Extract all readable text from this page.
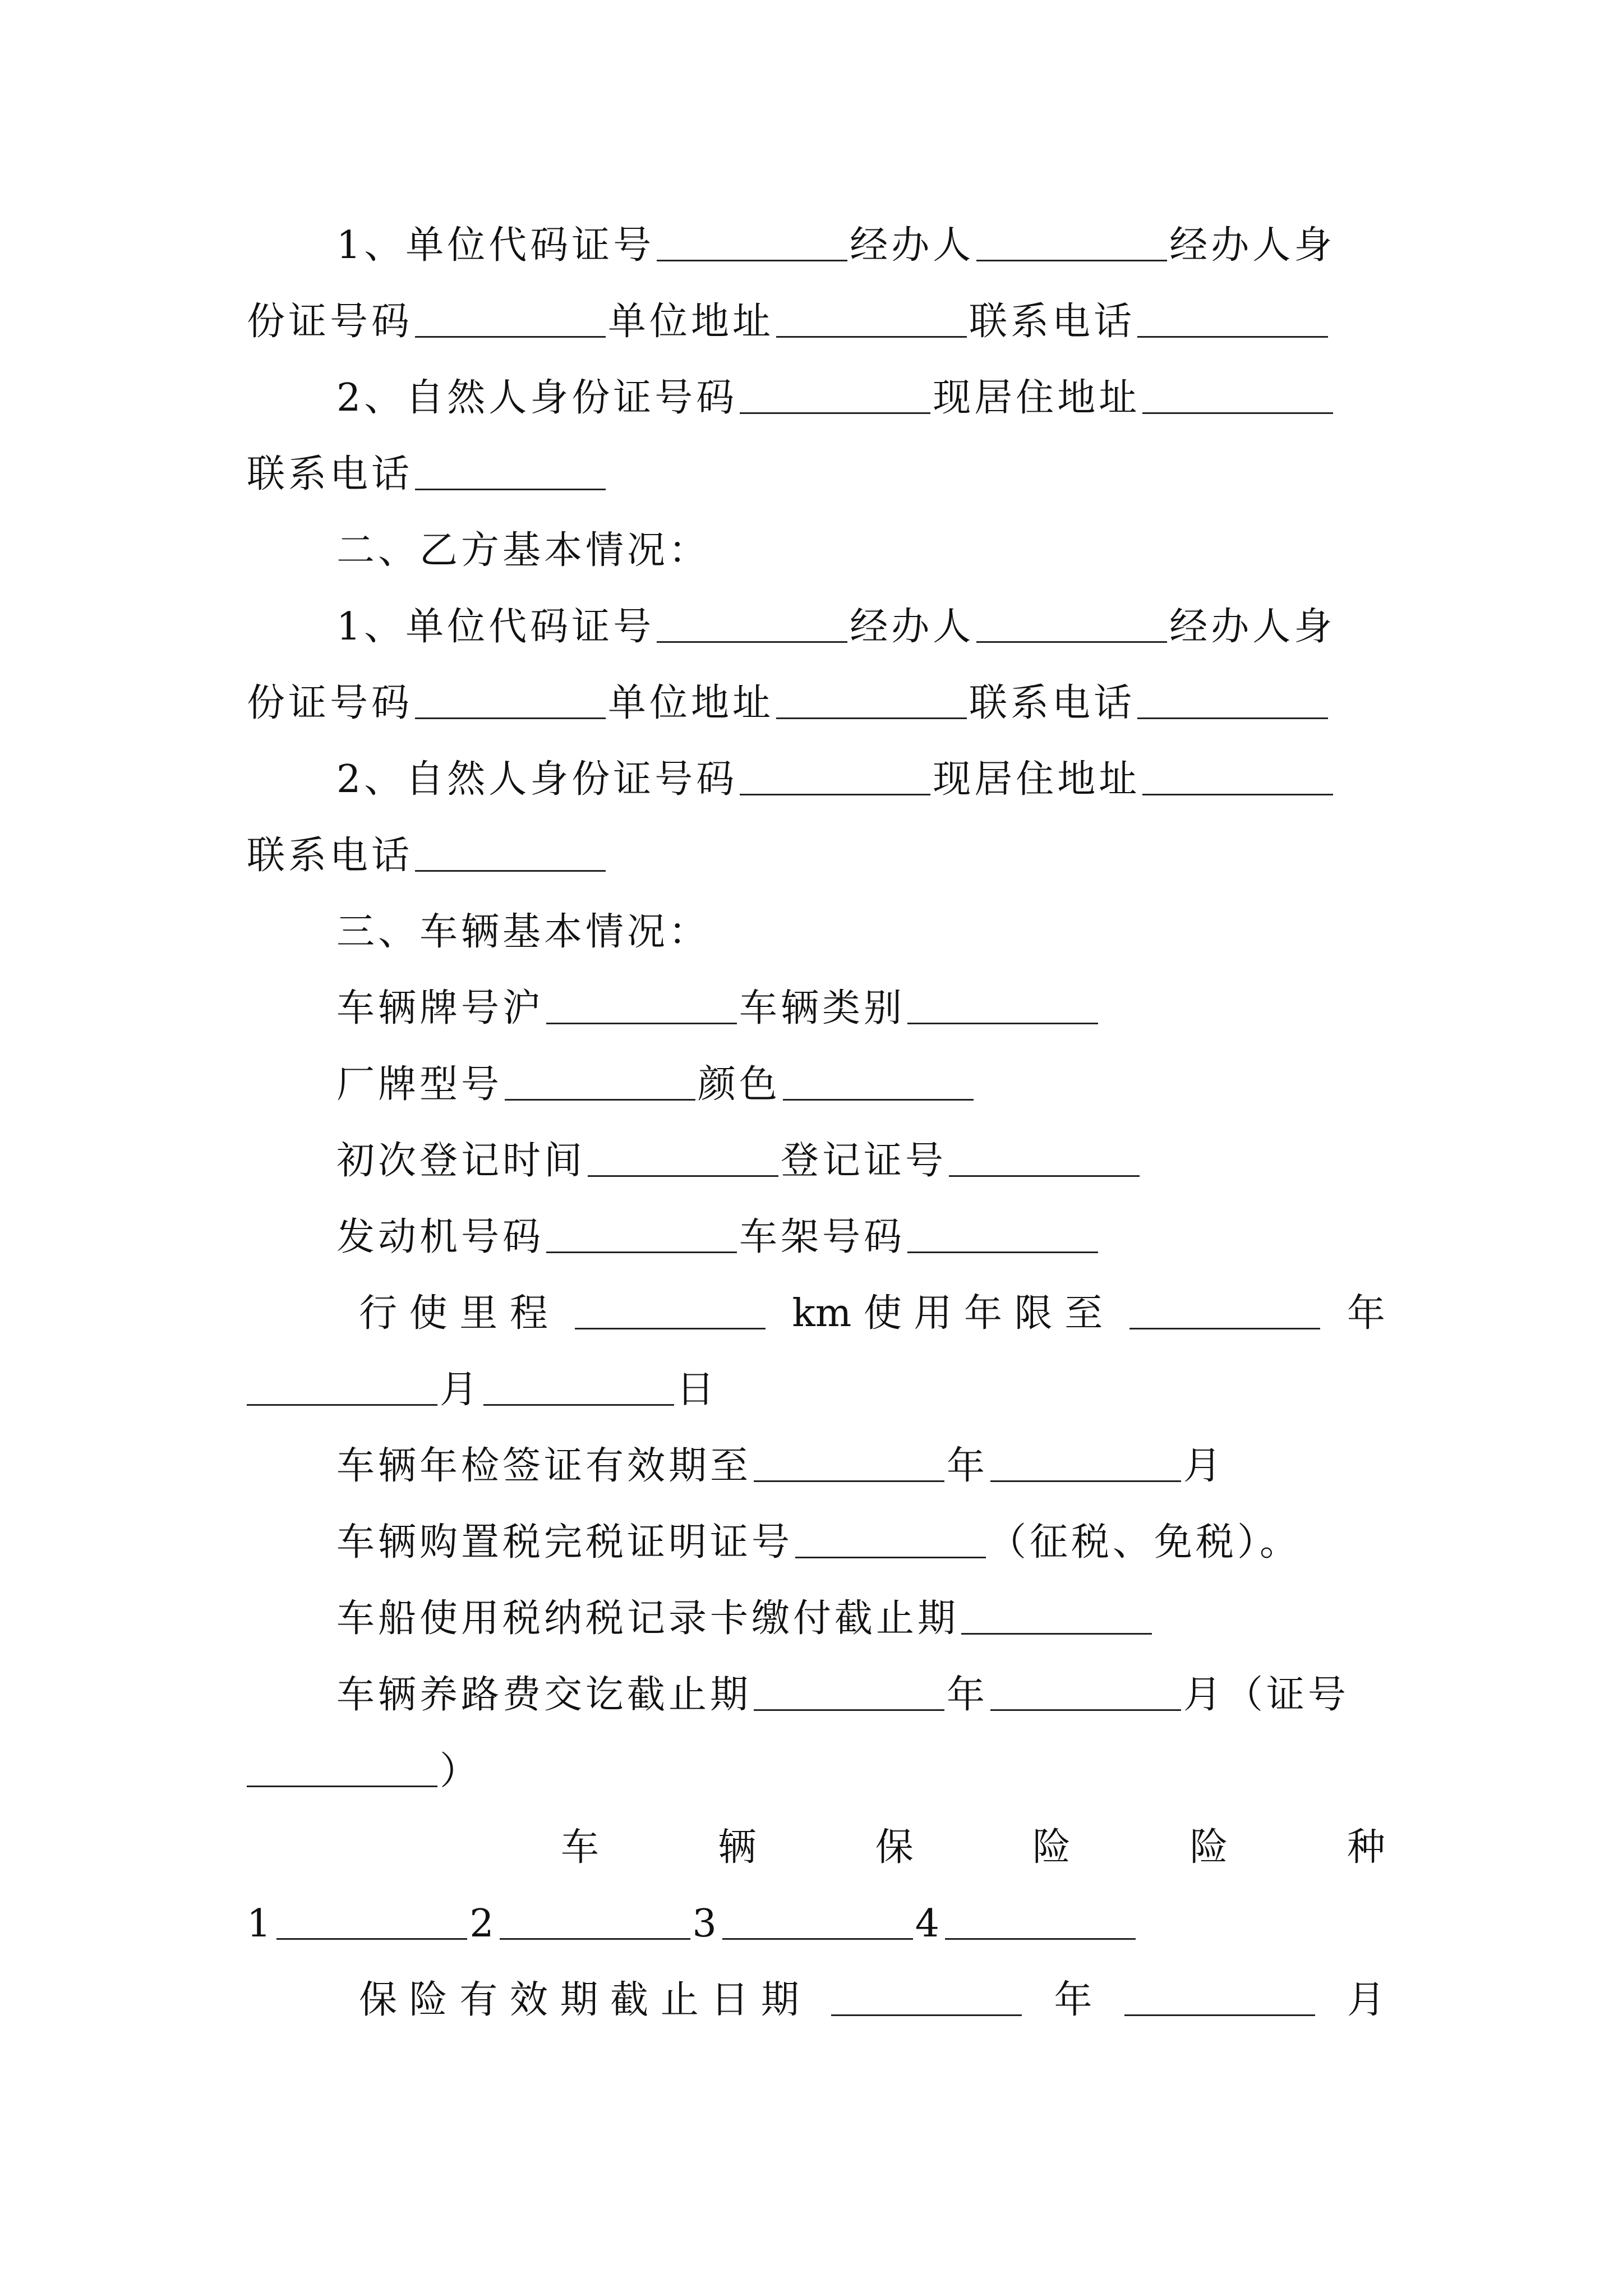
1、单位代码证号	经办人	经办人身
份证号码	单位地址	联系电话
2、自然人身份证号码	现居住地址
联系电话
二、乙方基本情况：
1、单位代码证号	经办人	经办人身
份证号码	单位地址	联系电话
2、自然人身份证号码	现居住地址
联系电话
三、车辆基本情况：
车辆牌号沪	车辆类别
厂牌型号	颜色
初次登记时间	登记证号
发动机号码	车架号码
行 使 里 程	km 使 用 年 限 至	年
月	日
车辆年检签证有效期至	年	月
车辆购置税完税证明证号	（征税、免税）。
车船使用税纳税记录卡缴付截止期
车辆养路费交讫截止期	年	月（证号
）
车	辆	保	险	险	种
1	2	3	4
保 险 有 效 期 截 止 日 期	年	月
